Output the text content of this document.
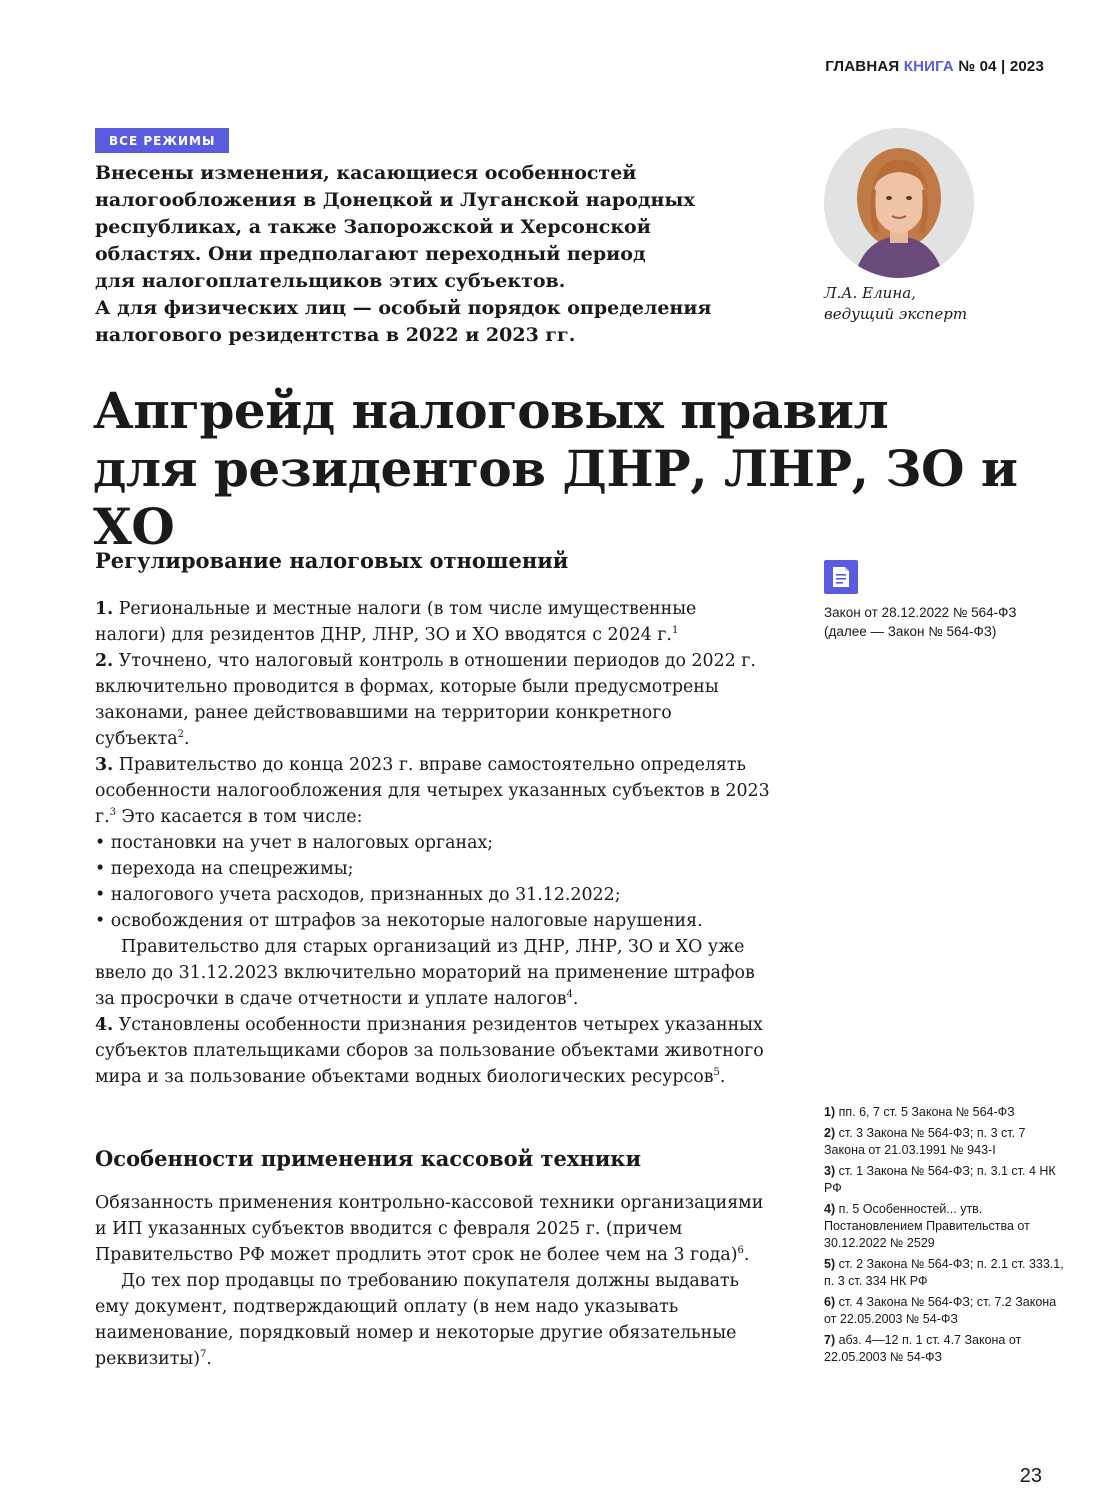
ГЛАВНАЯ КНИГА № 04 | 2023
ВСЕ РЕЖИМЫ

Внесены изменения, касающиеся особенностей

налогообложения в Донецкой и Луганской народных

республиках, а также Запорожской и Херсонской

областях. Они предполагают переходный период

для налогоплательщиков этих субъектов.

А для физических лиц — особый порядок определения

налогового резидентства в 2022 и 2023 гг.

Л.А. Елина,
ведущий эксперт
Апгрейд налоговых правил
для резидентов ДНР, ЛНР, ЗО и ХО
Регулирование налоговых отношений

1. Региональные и местные налоги (в том числе имущественные налоги) для резидентов ДНР, ЛНР, ЗО и ХО вводятся с 2024 г.$^1$

2. Уточнено, что налоговый контроль в отношении периодов до 2022 г. включительно проводится в формах, которые были предусмотрены законами, ранее действовавшими на территории конкретного субъекта$^2$.

3. Правительство до конца 2023 г. вправе самостоятельно определять особенности налогообложения для четырех указанных субъектов в 2023 г.$^3$ Это касается в том числе:

• постановки на учет в налоговых органах;

• перехода на спецрежимы;

• налогового учета расходов, признанных до 31.12.2022;

• освобождения от штрафов за некоторые налоговые нарушения.

Правительство для старых организаций из ДНР, ЛНР, ЗО и ХО уже ввело до 31.12.2023 включительно мораторий на применение штрафов за просрочки в сдаче отчетности и уплате налогов$^4$.

4. Установлены особенности признания резидентов четырех указанных субъектов плательщиками сборов за пользование объектами животного мира и за пользование объектами водных биологических ресурсов$^5$.

Закон от 28.12.2022 № 564-ФЗ
(далее — Закон № 564-ФЗ)
Особенности применения кассовой техники

Обязанность применения контрольно-кассовой техники организациями и ИП указанных субъектов вводится с февраля 2025 г. (причем Правительство РФ может продлить этот срок не более чем на 3 года)$^6$.

До тех пор продавцы по требованию покупателя должны выдавать ему документ, подтверждающий оплату (в нем надо указывать наименование, порядковый номер и некоторые другие обязательные реквизиты)$^7$.

1) пп. 6, 7 ст. 5 Закона № 564-ФЗ

2) ст. 3 Закона № 564-ФЗ; п. 3 ст. 7 Закона от 21.03.1991 № 943-I

3) ст. 1 Закона № 564-ФЗ; п. 3.1 ст. 4 НК РФ

4) п. 5 Особенностей... утв. Постановлением Правительства от 30.12.2022 № 2529

5) ст. 2 Закона № 564-ФЗ; п. 2.1 ст. 333.1, п. 3 ст. 334 НК РФ

6) ст. 4 Закона № 564-ФЗ; ст. 7.2 Закона от 22.05.2003 № 54-ФЗ

7) абз. 4—12 п. 1 ст. 4.7 Закона от 22.05.2003 № 54-ФЗ

23
